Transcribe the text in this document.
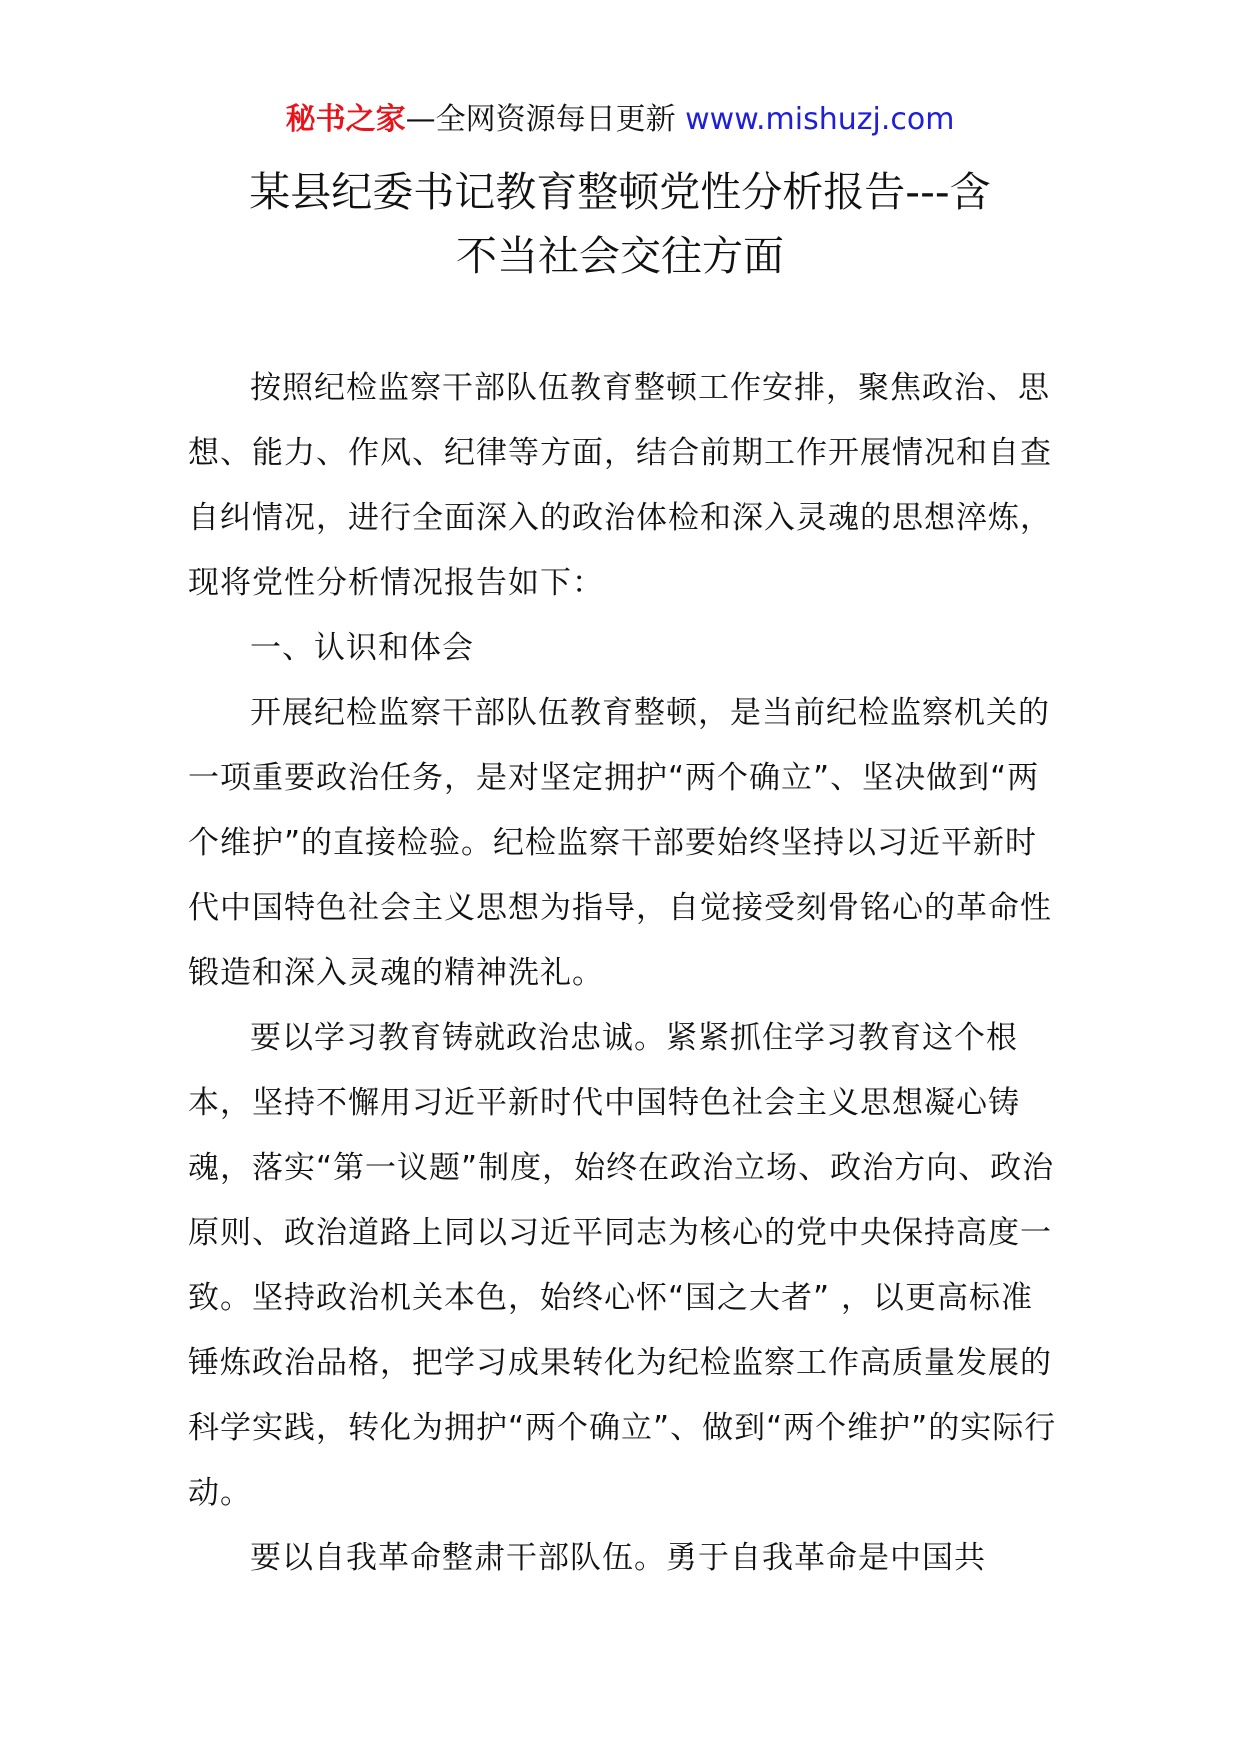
秘书之家—全网资源每日更新 www.mishuzj.com
某县纪委书记教育整顿党性分析报告---含
不当社会交往方面

按照纪检监察干部队伍教育整顿工作安排，聚焦政治、思想、能力、作风、纪律等方面，结合前期工作开展情况和自查自纠情况，进行全面深入的政治体检和深入灵魂的思想淬炼，现将党性分析情况报告如下：

一、认识和体会

开展纪检监察干部队伍教育整顿，是当前纪检监察机关的一项重要政治任务，是对坚定拥护“两个确立”、坚决做到“两个维护”的直接检验。纪检监察干部要始终坚持以习近平新时代中国特色社会主义思想为指导，自觉接受刻骨铭心的革命性锻造和深入灵魂的精神洗礼。

要以学习教育铸就政治忠诚。紧紧抓住学习教育这个根本，坚持不懈用习近平新时代中国特色社会主义思想凝心铸魂，落实“第一议题”制度，始终在政治立场、政治方向、政治原则、政治道路上同以习近平同志为核心的党中央保持高度一致。坚持政治机关本色，始终心怀“国之大者” ，以更高标准锤炼政治品格，把学习成果转化为纪检监察工作高质量发展的科学实践，转化为拥护“两个确立”、做到“两个维护”的实际行动。

要以自我革命整肃干部队伍。勇于自我革命是中国共
